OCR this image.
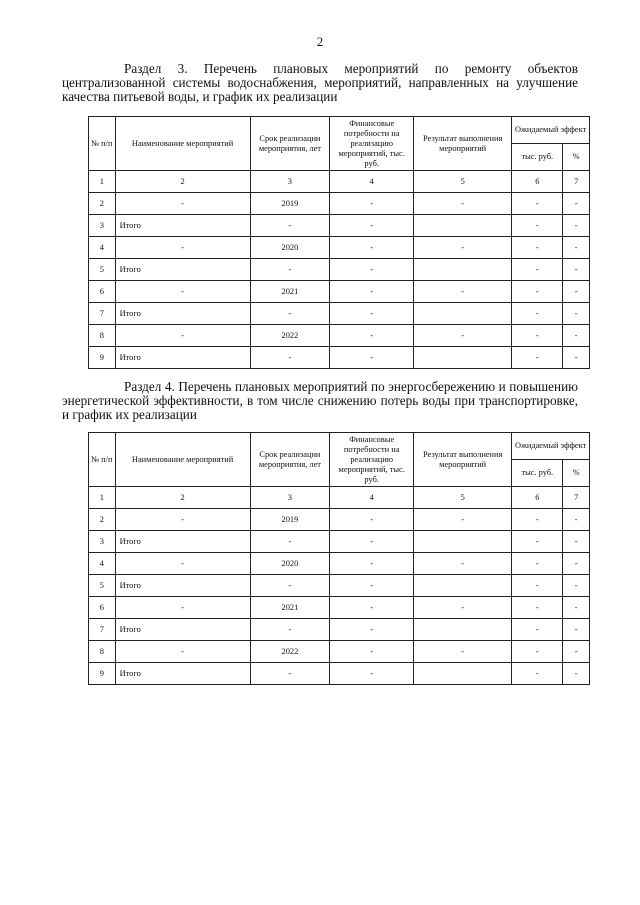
2
Раздел 3. Перечень плановых мероприятий по ремонту объектов централизованной системы водоснабжения, мероприятий, направленных на улучшение качества питьевой воды, и график их реализации
№ п/п	Наименование мероприятий	Срок реализации мероприятия, лет	Финансовые потребности на реализацию мероприятий, тыс. руб.	Результат выполнения мероприятий	Ожидаемый эффект	
					тыс. руб.	%
1	2	3	4	5	6	7
2	-	2019	-	-	-	-
3	Итого	-	-		-	-
4	-	2020	-	-	-	-
5	Итого	-	-		-	-
6	-	2021	-	-	-	-
7	Итого	-	-		-	-
8	-	2022	-	-	-	-
9	Итого	-	-		-	-
Раздел 4. Перечень плановых мероприятий по энергосбережению и повышению энергетической эффективности, в том числе снижению потерь воды при транспортировке, и график их реализации
№ п/п	Наименование мероприятий	Срок реализации мероприятия, лет	Финансовые потребности на реализацию мероприятий, тыс. руб.	Результат выполнения мероприятий	Ожидаемый эффект	
					тыс. руб.	%
1	2	3	4	5	6	7
2	-	2019	-	-	-	-
3	Итого	-	-		-	-
4	-	2020	-	-	-	-
5	Итого	-	-		-	-
6	-	2021	-	-	-	-
7	Итого	-	-		-	-
8	-	2022	-	-	-	-
9	Итого	-	-		-	-
